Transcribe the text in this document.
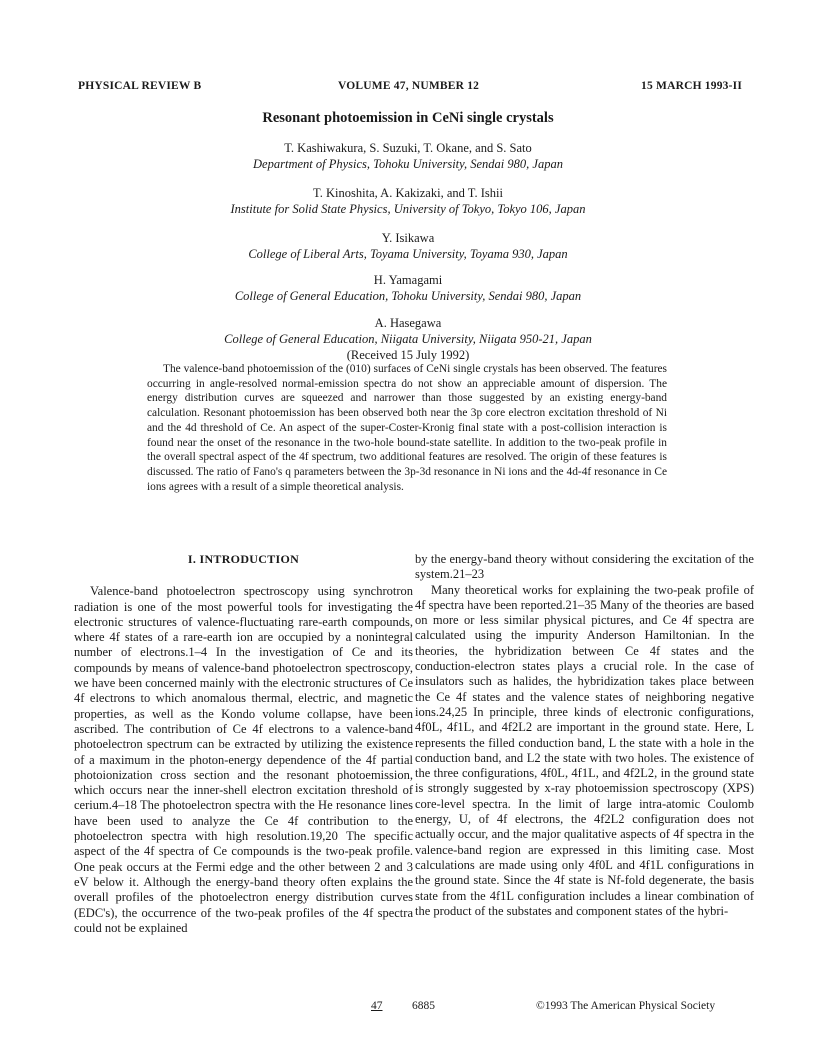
PHYSICAL REVIEW B	VOLUME 47, NUMBER 12	15 MARCH 1993-II
Resonant photoemission in CeNi single crystals
T. Kashiwakura, S. Suzuki, T. Okane, and S. Sato
Department of Physics, Tohoku University, Sendai 980, Japan
T. Kinoshita, A. Kakizaki, and T. Ishii
Institute for Solid State Physics, University of Tokyo, Tokyo 106, Japan
Y. Isikawa
College of Liberal Arts, Toyama University, Toyama 930, Japan
H. Yamagami
College of General Education, Tohoku University, Sendai 980, Japan
A. Hasegawa
College of General Education, Niigata University, Niigata 950-21, Japan
(Received 15 July 1992)
The valence-band photoemission of the (010) surfaces of CeNi single crystals has been observed. The features occurring in angle-resolved normal-emission spectra do not show an appreciable amount of dispersion. The energy distribution curves are squeezed and narrower than those suggested by an existing energy-band calculation. Resonant photoemission has been observed both near the 3p core electron excitation threshold of Ni and the 4d threshold of Ce. An aspect of the super-Coster-Kronig final state with a post-collision interaction is found near the onset of the resonance in the two-hole bound-state satellite. In addition to the two-peak profile in the overall spectral aspect of the 4f spectrum, two additional features are resolved. The origin of these features is discussed. The ratio of Fano's q parameters between the 3p-3d resonance in Ni ions and the 4d-4f resonance in Ce ions agrees with a result of a simple theoretical analysis.
I. INTRODUCTION

Valence-band photoelectron spectroscopy using synchrotron radiation is one of the most powerful tools for investigating the electronic structures of valence-fluctuating rare-earth compounds, where 4f states of a rare-earth ion are occupied by a nonintegral number of electrons.1–4 In the investigation of Ce and its compounds by means of valence-band photoelectron spectroscopy, we have been concerned mainly with the electronic structures of Ce 4f electrons to which anomalous thermal, electric, and magnetic properties, as well as the Kondo volume collapse, have been ascribed. The contribution of Ce 4f electrons to a valence-band photoelectron spectrum can be extracted by utilizing the existence of a maximum in the photon-energy dependence of the 4f partial photoionization cross section and the resonant photoemission, which occurs near the inner-shell electron excitation threshold of cerium.4–18 The photoelectron spectra with the He resonance lines have been used to analyze the Ce 4f contribution to the photoelectron spectra with high resolution.19,20 The specific aspect of the 4f spectra of Ce compounds is the two-peak profile. One peak occurs at the Fermi edge and the other between 2 and 3 eV below it. Although the energy-band theory often explains the overall profiles of the photoelectron energy distribution curves (EDC's), the occurrence of the two-peak profiles of the 4f spectra could not be explained

by the energy-band theory without considering the excitation of the system.21–23

Many theoretical works for explaining the two-peak profile of 4f spectra have been reported.21–35 Many of the theories are based on more or less similar physical pictures, and Ce 4f spectra are calculated using the impurity Anderson Hamiltonian. In the theories, the hybridization between Ce 4f states and the conduction-electron states plays a crucial role. In the case of insulators such as halides, the hybridization takes place between the Ce 4f states and the valence states of neighboring negative ions.24,25 In principle, three kinds of electronic configurations, 4f0L, 4f1L, and 4f2L2 are important in the ground state. Here, L represents the filled conduction band, L the state with a hole in the conduction band, and L2 the state with two holes. The existence of the three configurations, 4f0L, 4f1L, and 4f2L2, in the ground state is strongly suggested by x-ray photoemission spectroscopy (XPS) core-level spectra. In the limit of large intra-atomic Coulomb energy, U, of 4f electrons, the 4f2L2 configuration does not actually occur, and the major qualitative aspects of 4f spectra in the valence-band region are expressed in this limiting case. Most calculations are made using only 4f0L and 4f1L configurations in the ground state. Since the 4f state is Nf-fold degenerate, the basis state from the 4f1L configuration includes a linear combination of the product of the substates and component states of the hybri-

47	6885	©1993 The American Physical Society
